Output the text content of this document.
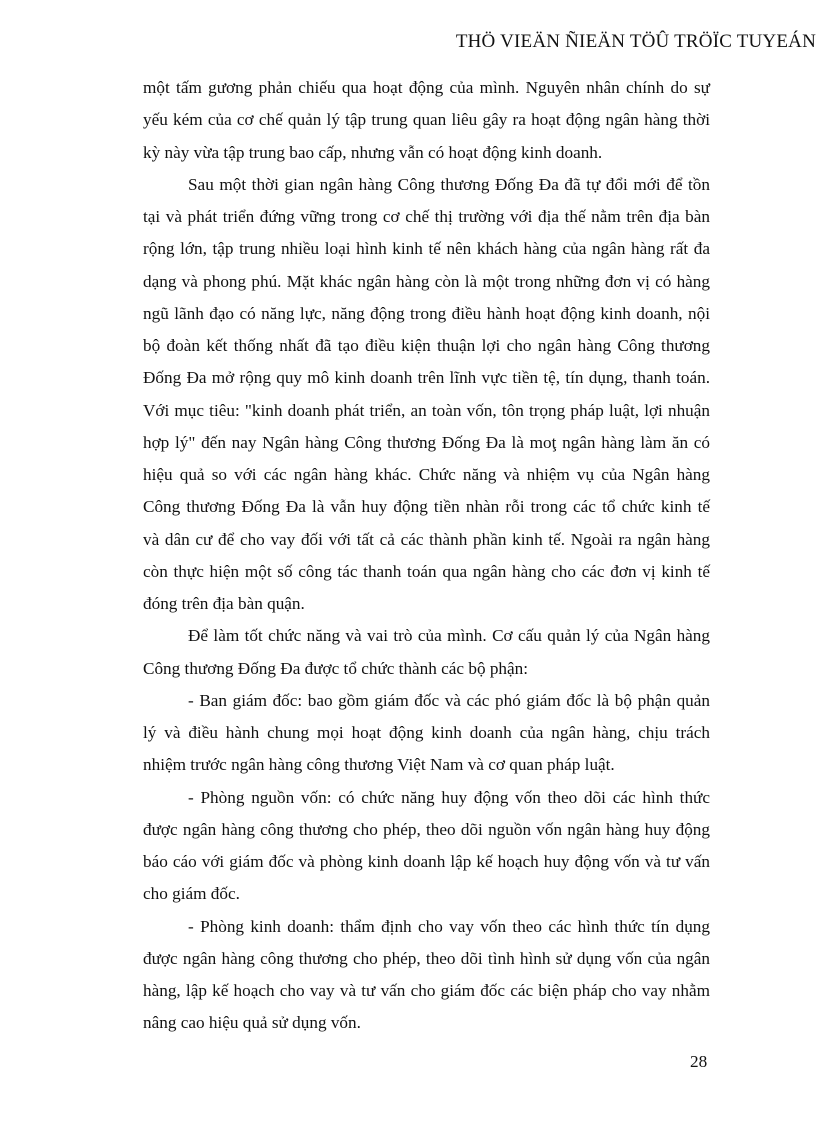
THÖ VIEÄN ÑIEÄN TÖÛ TRÖÏC TUYEÁN
một tấm gương phản chiếu qua hoạt động của mình. Nguyên nhân chính do sự
yếu kém của cơ chế quản lý tập trung quan liêu gây ra hoạt động ngân hàng thời
kỳ này vừa tập trung bao cấp, nhưng vẫn có hoạt động kinh doanh.
Sau một thời gian ngân hàng Công thương Đống Đa đã tự đổi mới để tồn
tại và phát triển đứng vững trong cơ chế thị trường với địa thế nằm trên địa bàn
rộng lớn, tập trung nhiều loại hình kinh tế nên khách hàng của ngân hàng rất đa
dạng và phong phú. Mặt khác ngân hàng còn là một trong những đơn vị có hàng
ngũ lãnh đạo có năng lực, năng động trong điều hành hoạt động kinh doanh, nội
bộ đoàn kết thống nhất đã tạo điều kiện thuận lợi cho ngân hàng Công thương
Đống Đa mở rộng quy mô kinh doanh trên lĩnh vực tiền tệ, tín dụng, thanh toán.
Với mục tiêu: "kinh doanh phát triển, an toàn vốn, tôn trọng pháp luật, lợi nhuận
hợp lý" đến nay Ngân hàng Công thương Đống Đa là moţ ngân hàng làm ăn có
hiệu quả so với các ngân hàng khác. Chức năng và nhiệm vụ của Ngân hàng
Công thương Đống Đa là vẫn huy động tiền nhàn rỗi trong các tổ chức kinh tế
và dân cư để cho vay đối với tất cả các thành phần kinh tế. Ngoài ra ngân hàng
còn thực hiện một số công tác thanh toán qua ngân hàng cho các đơn vị kinh tế
đóng trên địa bàn quận.
Để làm tốt chức năng và vai trò của mình. Cơ cấu quản lý của Ngân hàng
Công thương Đống Đa được tổ chức thành các bộ phận:
- Ban giám đốc: bao gồm giám đốc và các phó giám đốc là bộ phận quản
lý và điều hành chung mọi hoạt động kinh doanh của ngân hàng, chịu trách
nhiệm trước ngân hàng công thương Việt Nam và cơ quan pháp luật.
- Phòng nguồn vốn: có chức năng huy động vốn theo dõi các hình thức
được ngân hàng công thương cho phép, theo dõi nguồn vốn ngân hàng huy động
báo cáo với giám đốc và phòng kinh doanh lập kế hoạch huy động vốn và tư vấn
cho giám đốc.
- Phòng kinh doanh: thẩm định cho vay vốn theo các hình thức tín dụng
được ngân hàng công thương cho phép, theo dõi tình hình sử dụng vốn của ngân
hàng, lập kế hoạch cho vay và tư vấn cho giám đốc các biện pháp cho vay nhằm
nâng cao hiệu quả sử dụng vốn.
28
